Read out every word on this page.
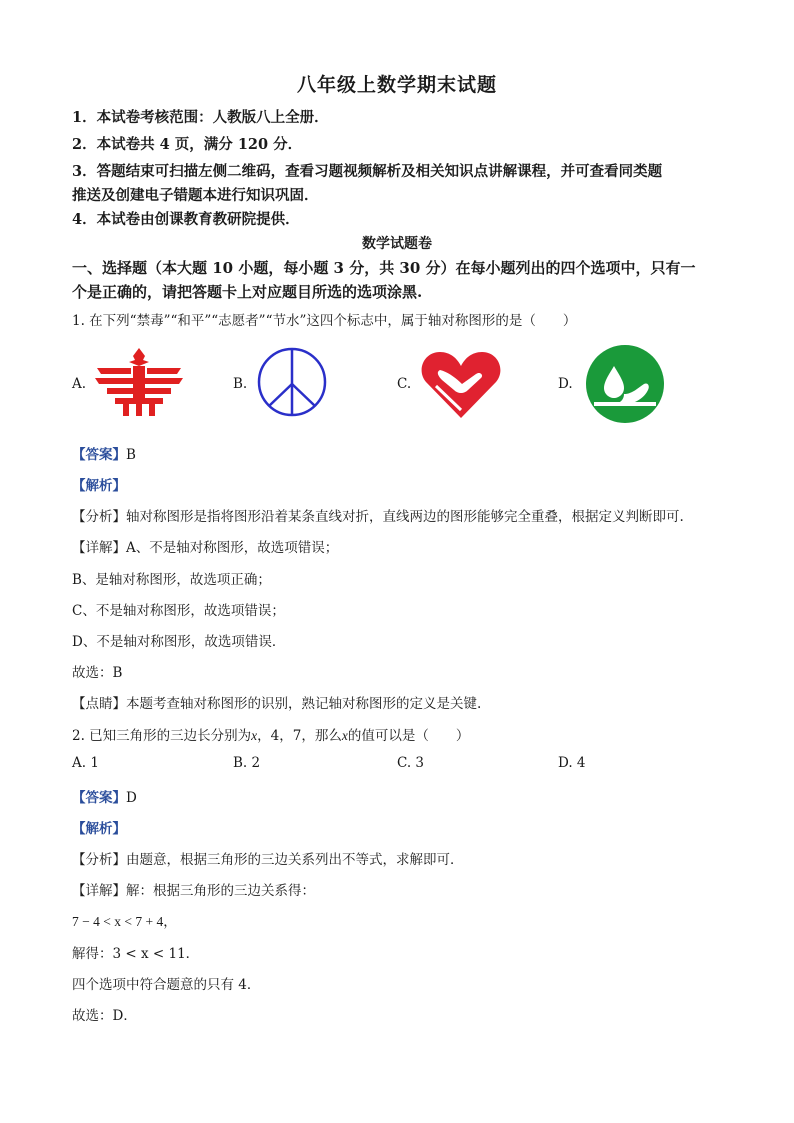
八年级上数学期末试题
1．本试卷考核范围：人教版八上全册．
2．本试卷共 4 页，满分 120 分．
3．答题结束可扫描左侧二维码，查看习题视频解析及相关知识点讲解课程，并可查看同类题
推送及创建电子错题本进行知识巩固．
4．本试卷由创课教育教研院提供．
数学试题卷
一、选择题（本大题 10 小题，每小题 3 分，共 30 分）在每小题列出的四个选项中，只有一
个是正确的，请把答题卡上对应题目所选的选项涂黑.
1. 在下列“禁毒”“和平”“志愿者”“节水”这四个标志中，属于轴对称图形的是（　　）
A.	B.	C.	D.
【答案】B
【解析】
【分析】轴对称图形是指将图形沿着某条直线对折，直线两边的图形能够完全重叠，根据定义判断即可.
【详解】A、不是轴对称图形，故选项错误；
B、是轴对称图形，故选项正确；
C、不是轴对称图形，故选项错误；
D、不是轴对称图形，故选项错误．
故选：B
【点睛】本题考查轴对称图形的识别，熟记轴对称图形的定义是关键.
2. 已知三角形的三边长分别为x，4，7，那么x的值可以是（　　）
A. 1	B. 2	C. 3	D. 4
【答案】D
【解析】
【分析】由题意，根据三角形的三边关系列出不等式，求解即可．
【详解】解：根据三角形的三边关系得：
7 − 4 < x < 7 + 4，
解得：3 < x < 11．
四个选项中符合题意的只有 4．
故选：D．
